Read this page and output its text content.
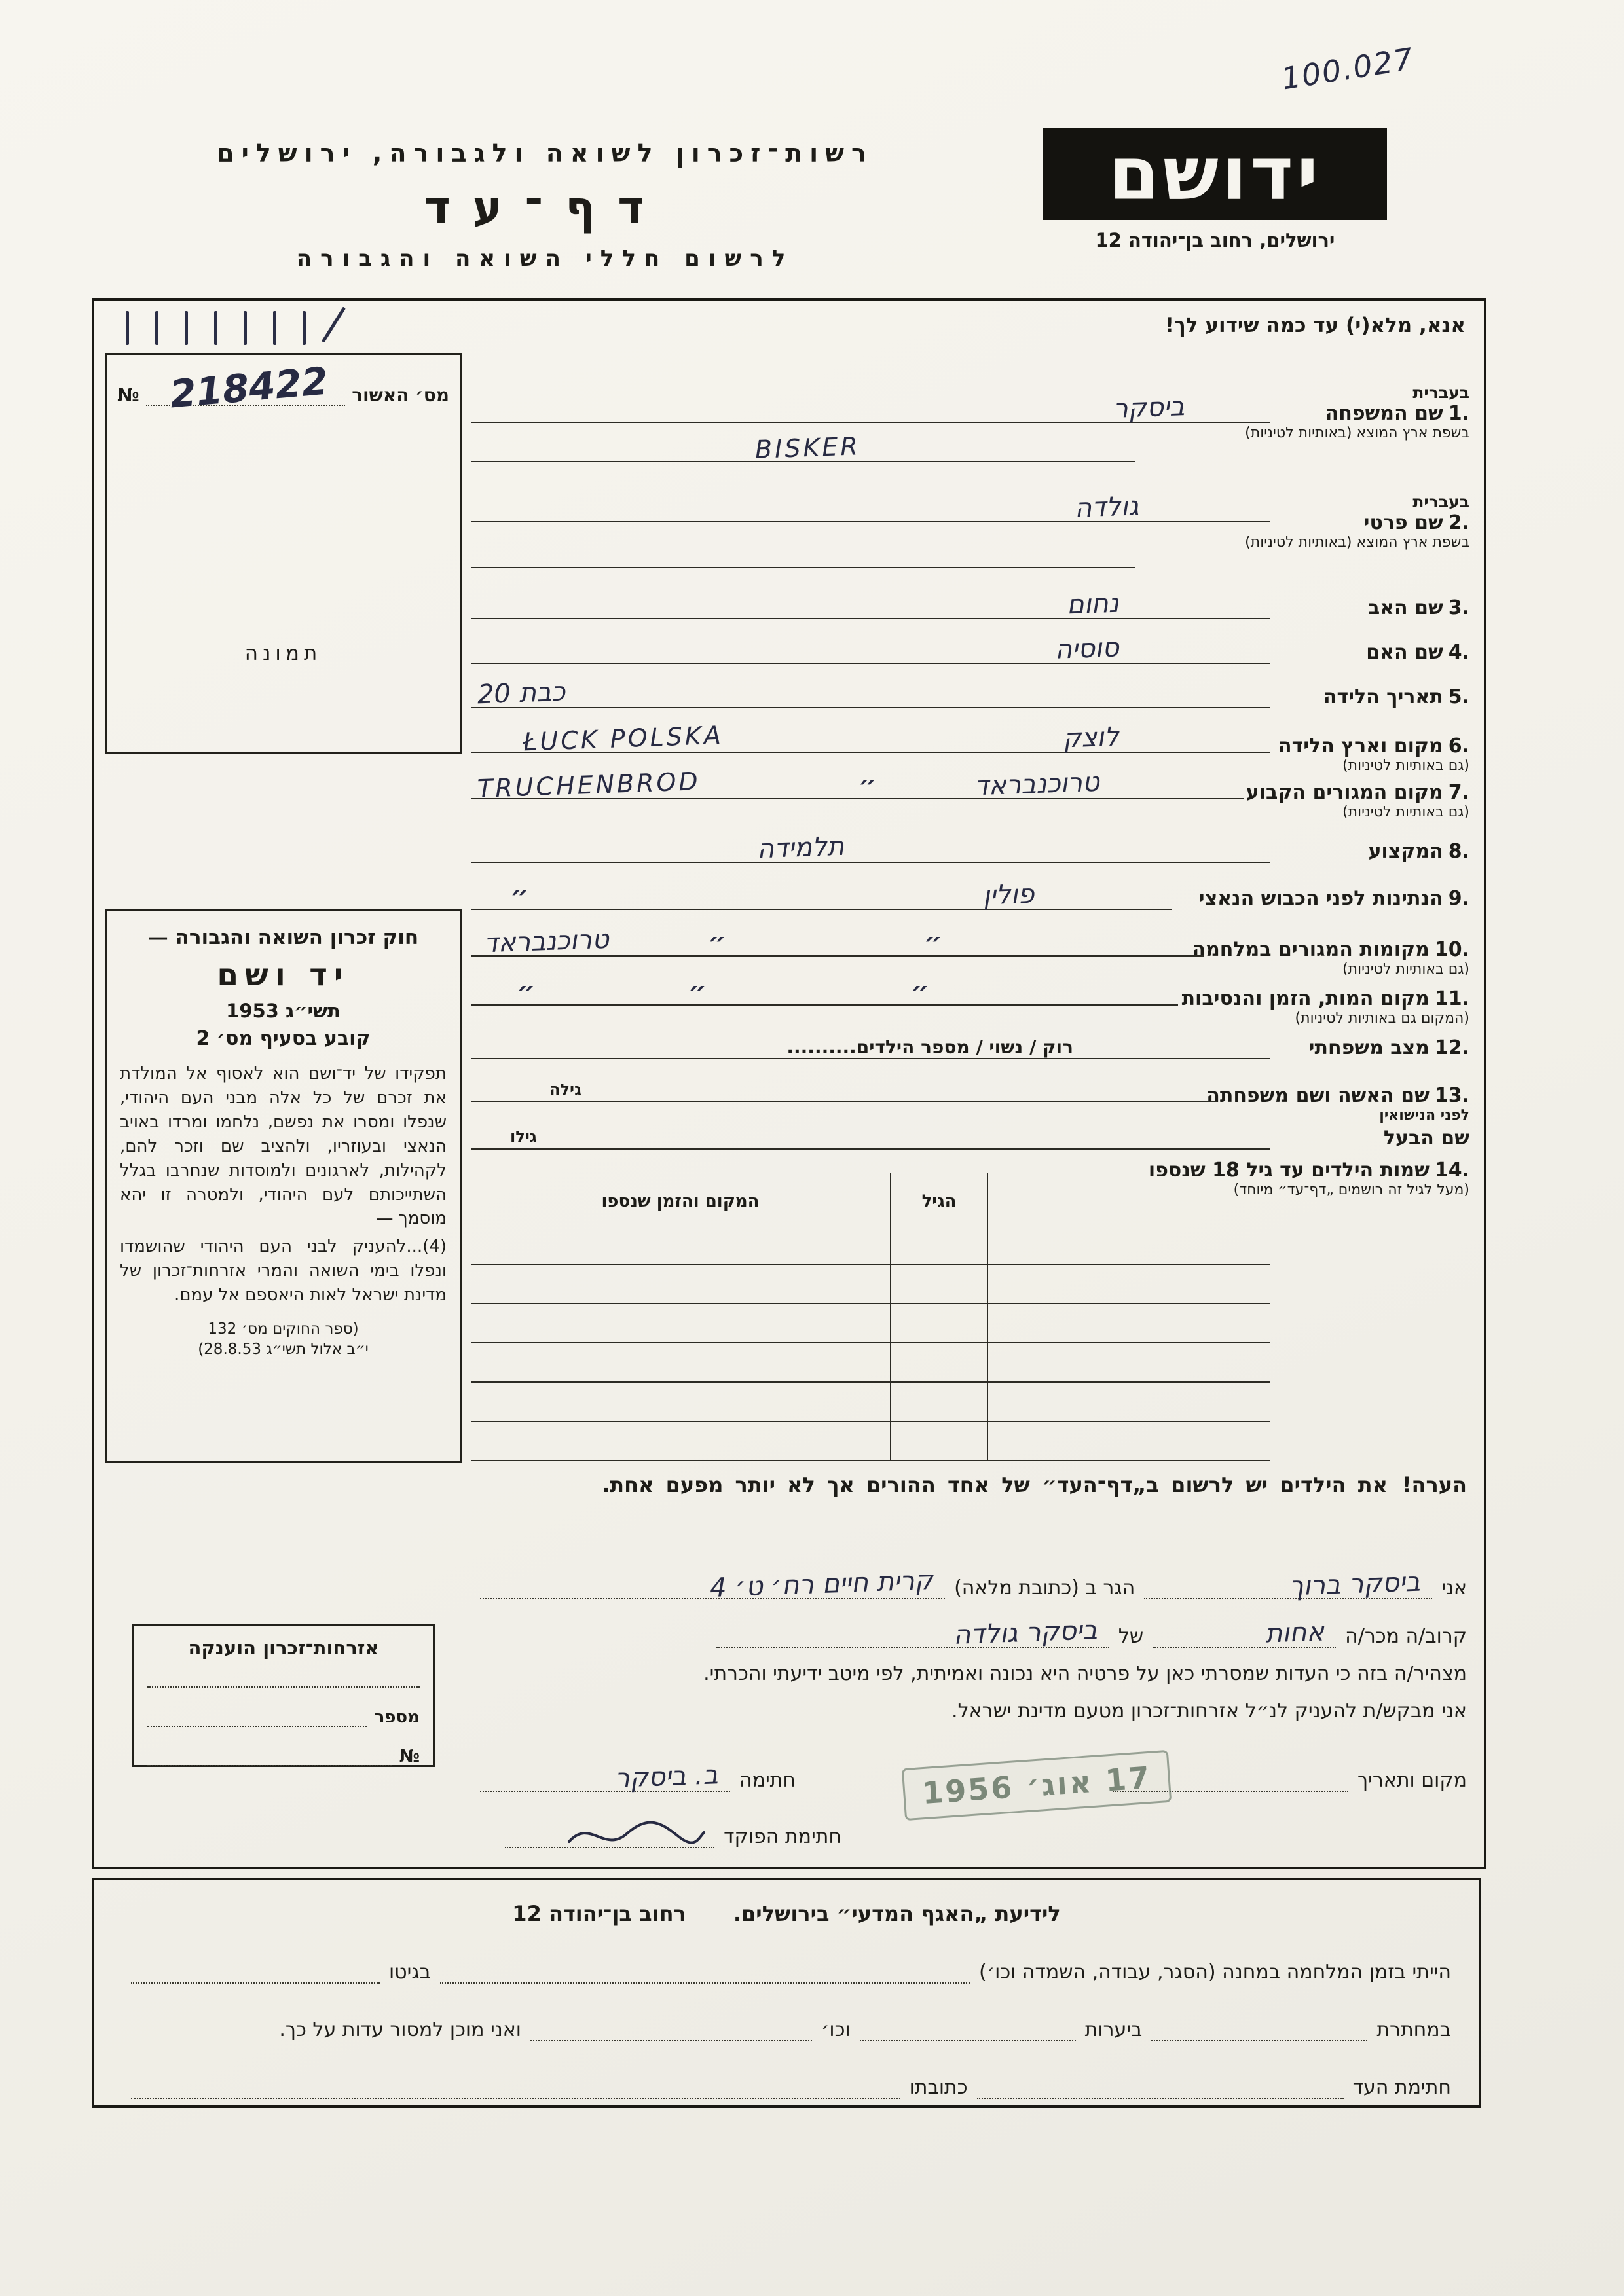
100.027
רשות־זכרון לשואה ולגבורה, ירושלים
דף־עד
לרשום חללי השואה והגבורה
ידושם
ירושלים, רחוב בן־יהודה 12
אנא, מלא(י) עד כמה שידוע לך!
מס׳ האשור
218422
№
תמונה
חוק זכרון השואה והגבורה —
יד ושם
תשי״ג 1953
קובע בסעיף מס׳ 2
תפקידו של יד־ושם הוא לאסוף אל המולדת את זכרם של כל אלה מבני העם היהודי, שנפלו ומסרו את נפשם, נלחמו ומרדו באויב הנאצי ובעוזריו, ולהציב שם וזכר להם, לקהילות, לארגונים ולמוסדות שנחרבו בגלל השתייכותם לעם היהודי, ולמטרה זו יהא מוסמך —
(4)...להעניק לבני העם היהודי שהושמדו ונפלו בימי השואה והמרי אזרחות־זכרון של מדינת ישראל לאות היאספם אל עמם.
(ספר החוקים מס׳ 132
י״ב אלול תשי״ג 28.8.53)
בעברית
1.שם המשפחה
בשפת ארץ המוצא (באותיות לטיניות)
ביסקר
BISKER
בעברית
2.שם פרטי
בשפת ארץ המוצא (באותיות לטיניות)
גולדה
3.שם האב
נחום
4.שם האם
סוסיה
5.תאריך הלידה
כבת 20
6.מקום וארץ הלידה
(גם באותיות לטיניות)
לוצק
ŁUCK POLSKA
7.מקום המגורים הקבוע
(גם באותיות לטיניות)
טרוכנבראד
״
TRUCHENBROD
8.המקצוע
תלמידה
9.הנתינות לפני הכבוש הנאצי
פולין
״
10.מקומות המגורים במלחמה
(גם באותיות לטיניות)
״
״
טרוכנבראד
11.מקום המות, הזמן והנסיבות
(המקום גם באותיות לטיניות)
״
״
״
12.מצב משפחתי
רוק / נשוי / מספר הילדים..........
13.שם האשה ושם משפחתה
לפני הנישואין
גילה
שם הבעל
גילו
14.שמות הילדים עד גיל 18 שנספו
(מעל לגיל זה רושמים „דף־עד״ מיוחד)
הגיל
המקום והזמן שנספו
הערה!
את הילדים יש לרשום ב„דף־העד״ של אחד ההורים אך לא יותר מפעם אחת.
אני
ביסקר ברוך
הגר ב (כתובת מלאה)
קרית חיים רח׳ ט׳ 4
קרוב/ה מכר/ה
אחות
של
ביסקר גולדה
מצהיר/ה בזה כי העדות שמסרתי כאן על פרטיה היא נכונה ואמיתית, לפי מיטב ידיעתי והכרתי.
אני מבקש/ת להעניק לנ״ל אזרחות־זכרון מטעם מדינת ישראל.
מקום ותאריך
חתימה
ב. ביסקר
חתימת הפוקד
17 אוג׳ 1956
אזרחות־זכרון הוענקה
מספר
№
לידיעת „האגף המדעי״ בירושלים.
רחוב בן־יהודה 12
הייתי בזמן המלחמה במחנה (הסגר, עבודה, השמדה וכו׳)
בגיטו
במחתרת
ביערות
וכו׳
ואני מוכן למסור עדות על כך.
חתימת העד
כתובתו
